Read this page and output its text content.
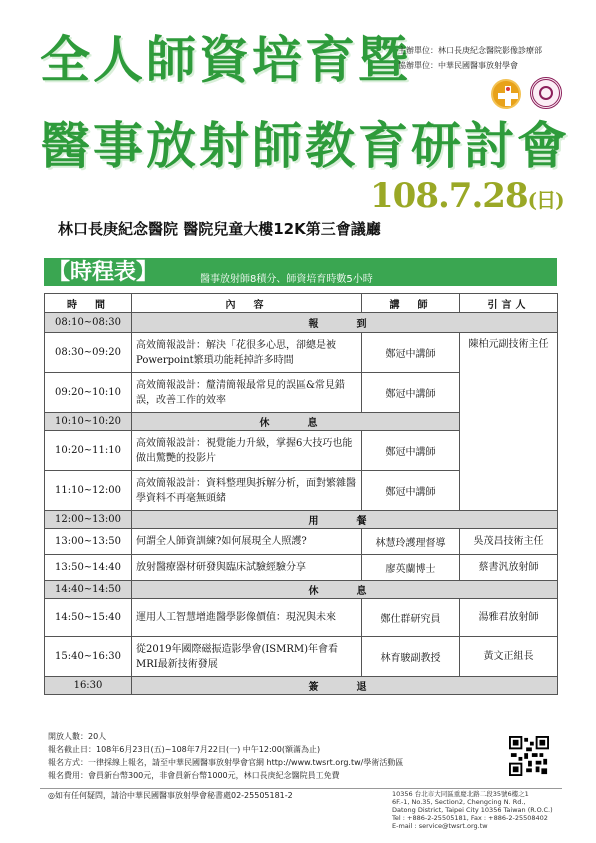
全人師資培育暨
醫事放射師教育研討會
主辦單位：林口長庚紀念醫院影像診療部
協辦單位：中華民國醫事放射學會
108.7.28(日)
林口長庚紀念醫院 醫院兒童大樓12K第三會議廳
【時程表】	醫事放射師8積分、師資培育時數5小時
時　間	內　容	講　師	引言人
08:10~08:30	報　到		
08:30~09:20	高效簡報設計：解決「花很多心思，卻總是被Powerpoint繁瑣功能耗掉許多時間	鄭冠中講師	陳柏元副技術主任
09:20~10:10	高效簡報設計：釐清簡報最常見的誤區&常見錯誤，改善工作的效率	鄭冠中講師	
10:10~10:20	休　息		
10:20~11:10	高效簡報設計：視覺能力升級，掌握6大技巧也能做出驚艷的投影片	鄭冠中講師	
11:10~12:00	高效簡報設計：資料整理與拆解分析，面對繁雜醫學資料不再毫無頭緒	鄭冠中講師	
12:00~13:00	用　餐		
13:00~13:50	何謂全人師資訓練?如何展現全人照護?	林慧玲護理督導	吳茂昌技術主任
13:50~14:40	放射醫療器材研發與臨床試驗經驗分享	廖英蘭博士	蔡書汎放射師
14:40~14:50	休　息		
14:50~15:40	運用人工智慧增進醫學影像價值：現況與未來	鄭仕群研究員	湯雅君放射師
15:40~16:30	從2019年國際磁振造影學會(ISMRM)年會看MRI最新技術發展	林育駿副教授	黃文正組長
16:30	簽　退		
開放人數：20人
報名截止日：108年6月23日(五)~108年7月22日(一) 中午12:00(額滿為止)
報名方式：一律採線上報名，請至中華民國醫事放射學會官網 http://www.twsrt.org.tw/學術活動區
報名費用：會員新台幣300元，非會員新台幣1000元，林口長庚紀念醫院員工免費
◎如有任何疑問，請洽中華民國醫事放射學會秘書處02-25505181-2	10356 台北市大同區重慶北路二段35號6樓之1
6F.-1, No.35, Section2, Chengcing N. Rd.,
Datong District, Taipei City 10356 Taiwan (R.O.C.)
Tel : +886-2-25505181, Fax : +886-2-25508402
E-mail : service@twsrt.org.tw
